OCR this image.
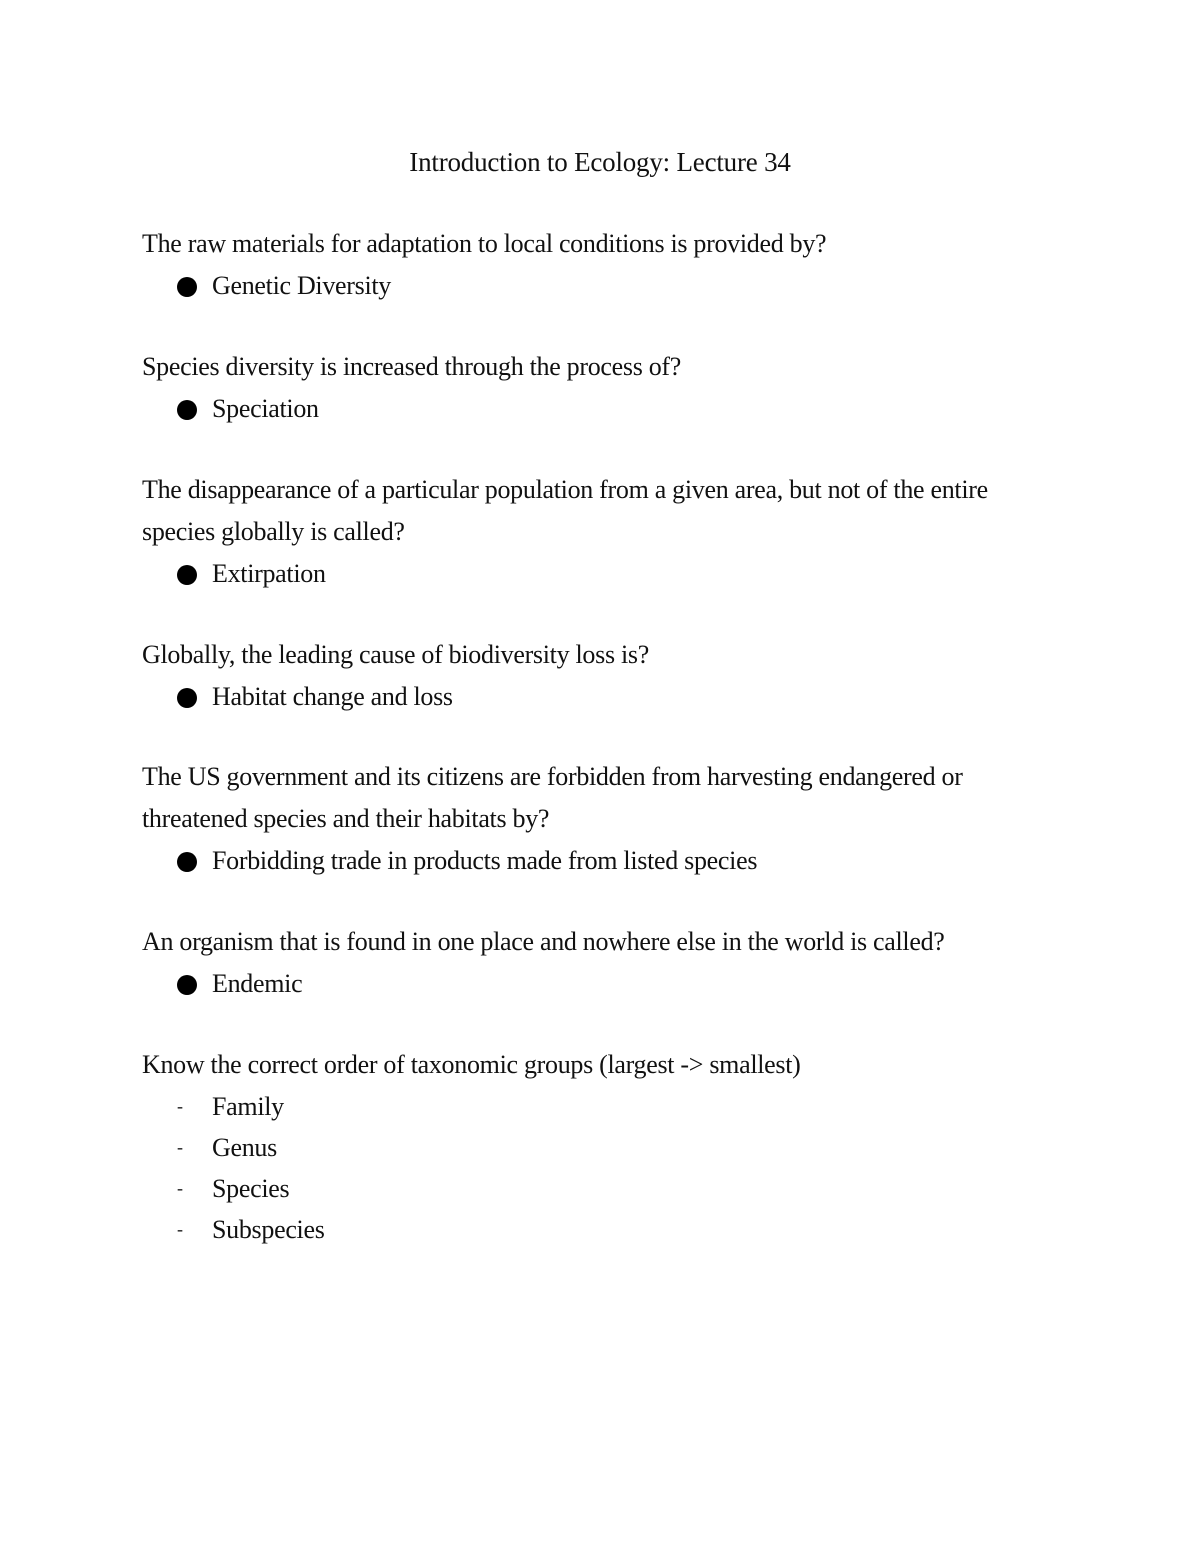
Introduction to Ecology: Lecture 34
The raw materials for adaptation to local conditions is provided by?
Genetic Diversity
Species diversity is increased through the process of?
Speciation
The disappearance of a particular population from a given area, but not of the entire
species globally is called?
Extirpation
Globally, the leading cause of biodiversity loss is?
Habitat change and loss
The US government and its citizens are forbidden from harvesting endangered or
threatened species and their habitats by?
Forbidding trade in products made from listed species
An organism that is found in one place and nowhere else in the world is called?
Endemic
Know the correct order of taxonomic groups (largest -> smallest)
- Family
- Genus
- Species
- Subspecies
